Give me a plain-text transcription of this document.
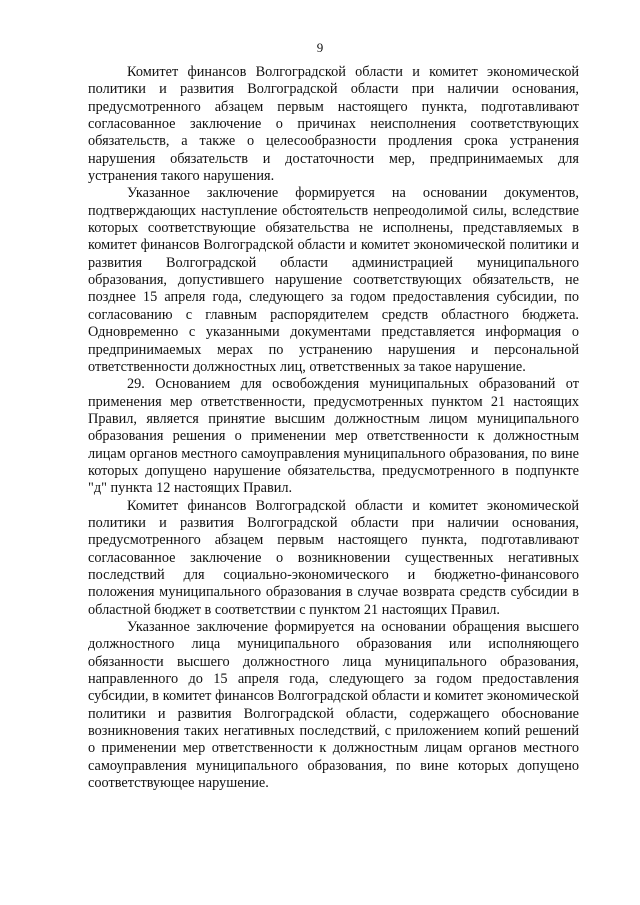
9

Комитет финансов Волгоградской области и комитет экономической политики и развития Волгоградской области при наличии основания, предусмотренного абзацем первым настоящего пункта, подготавливают согласованное заключение о причинах неисполнения соответствующих обязательств, а также о целесообразности продления срока устранения нарушения обязательств и достаточности мер, предпринимаемых для устранения такого нарушения.

Указанное заключение формируется на основании документов, подтверждающих наступление обстоятельств непреодолимой силы, вследствие которых соответствующие обязательства не исполнены, представляемых в комитет финансов Волгоградской области и комитет экономической политики и развития Волгоградской области администрацией муниципального образования, допустившего нарушение соответствующих обязательств, не позднее 15 апреля года, следующего за годом предоставления субсидии, по согласованию с главным распорядителем средств областного бюджета. Одновременно с указанными документами представляется информация о предпринимаемых мерах по устранению нарушения и персональной ответственности должностных лиц, ответственных за такое нарушение.

29. Основанием для освобождения муниципальных образований от применения мер ответственности, предусмотренных пунктом 21 настоящих Правил, является принятие высшим должностным лицом муниципального образования решения о применении мер ответственности к должностным лицам органов местного самоуправления муниципального образования, по вине которых допущено нарушение обязательства, предусмотренного в подпункте "д" пункта 12 настоящих Правил.

Комитет финансов Волгоградской области и комитет экономической политики и развития Волгоградской области при наличии основания, предусмотренного абзацем первым настоящего пункта, подготавливают согласованное заключение о возникновении существенных негативных последствий для социально-экономического и бюджетно-финансового положения муниципального образования в случае возврата средств субсидии в областной бюджет в соответствии с пунктом 21 настоящих Правил.

Указанное заключение формируется на основании обращения высшего должностного лица муниципального образования или исполняющего обязанности высшего должностного лица муниципального образования, направленного до 15 апреля года, следующего за годом предоставления субсидии, в комитет финансов Волгоградской области и комитет экономической политики и развития Волгоградской области, содержащего обоснование возникновения таких негативных последствий, с приложением копий решений о применении мер ответственности к должностным лицам органов местного самоуправления муниципального образования, по вине которых допущено соответствующее нарушение.
